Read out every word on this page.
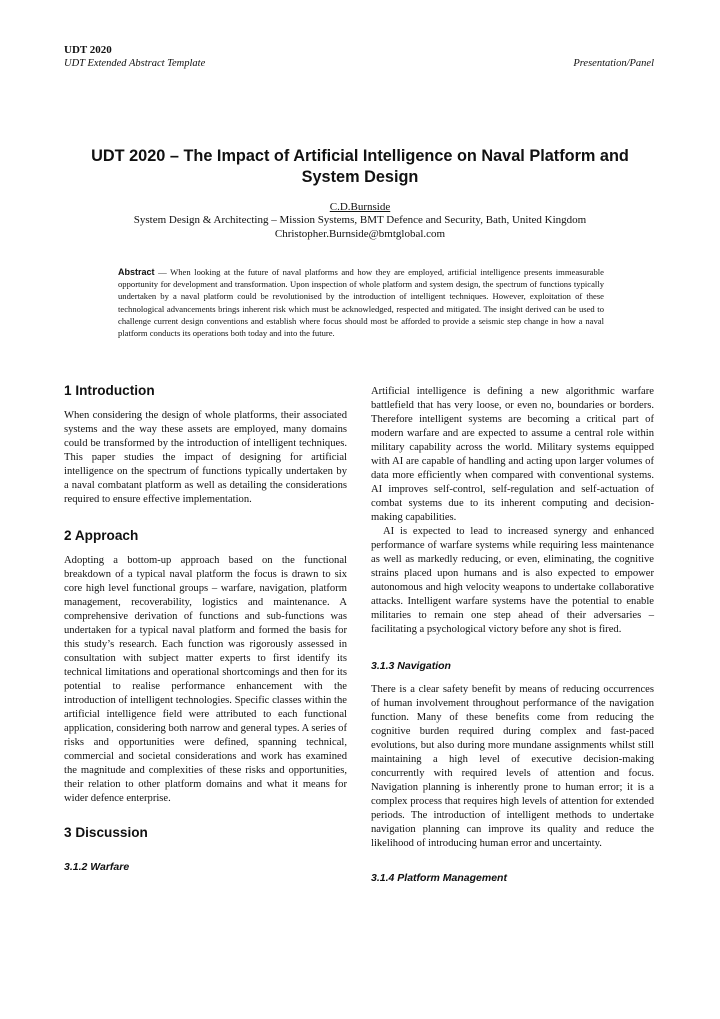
UDT 2020
UDT Extended Abstract Template	Presentation/Panel
UDT 2020 – The Impact of Artificial Intelligence on Naval Platform and System Design
C.D.Burnside
System Design & Architecting – Mission Systems, BMT Defence and Security, Bath, United Kingdom
Christopher.Burnside@bmtglobal.com
Abstract — When looking at the future of naval platforms and how they are employed, artificial intelligence presents immeasurable opportunity for development and transformation. Upon inspection of whole platform and system design, the spectrum of functions typically undertaken by a naval platform could be revolutionised by the introduction of intelligent techniques. However, exploitation of these technological advancements brings inherent risk which must be acknowledged, respected and mitigated. The insight derived can be used to challenge current design conventions and establish where focus should most be afforded to provide a seismic step change in how a naval platform conducts its operations both today and into the future.
1 Introduction

When considering the design of whole platforms, their associated systems and the way these assets are employed, many domains could be transformed by the introduction of intelligent techniques. This paper studies the impact of designing for artificial intelligence on the spectrum of functions typically undertaken by a naval combatant platform as well as detailing the considerations required to ensure effective implementation.

2 Approach

Adopting a bottom-up approach based on the functional breakdown of a typical naval platform the focus is drawn to six core high level functional groups – warfare, navigation, platform management, recoverability, logistics and maintenance. A comprehensive derivation of functions and sub-functions was undertaken for a typical naval platform and formed the basis for this study’s research. Each function was rigorously assessed in consultation with subject matter experts to first identify its technical limitations and operational shortcomings and then for its potential to realise performance enhancement with the introduction of intelligent technologies. Specific classes within the artificial intelligence field were attributed to each functional application, considering both narrow and general types. A series of risks and opportunities were defined, spanning technical, commercial and societal considerations and work has examined the magnitude and complexities of these risks and opportunities, their relation to other platform domains and what it means for wider defence enterprise.

3 Discussion
3.1.2 Warfare

Artificial intelligence is defining a new algorithmic warfare battlefield that has very loose, or even no, boundaries or borders. Therefore intelligent systems are becoming a critical part of modern warfare and are expected to assume a central role within military capability across the world. Military systems equipped with AI are capable of handling and acting upon larger volumes of data more efficiently when compared with conventional systems. AI improves self-control, self-regulation and self-actuation of combat systems due to its inherent computing and decision-making capabilities.

AI is expected to lead to increased synergy and enhanced performance of warfare systems while requiring less maintenance as well as markedly reducing, or even, eliminating, the cognitive strains placed upon humans and is also expected to empower autonomous and high velocity weapons to undertake collaborative attacks. Intelligent warfare systems have the potential to enable militaries to remain one step ahead of their adversaries – facilitating a psychological victory before any shot is fired.

3.1.3 Navigation

There is a clear safety benefit by means of reducing occurrences of human involvement throughout performance of the navigation function. Many of these benefits come from reducing the cognitive burden required during complex and fast-paced evolutions, but also during more mundane assignments whilst still maintaining a high level of executive decision-making concurrently with required levels of attention and focus. Navigation planning is inherently prone to human error; it is a complex process that requires high levels of attention for extended periods. The introduction of intelligent methods to undertake navigation planning can improve its quality and reduce the likelihood of introducing human error and uncertainty.

3.1.4 Platform Management
